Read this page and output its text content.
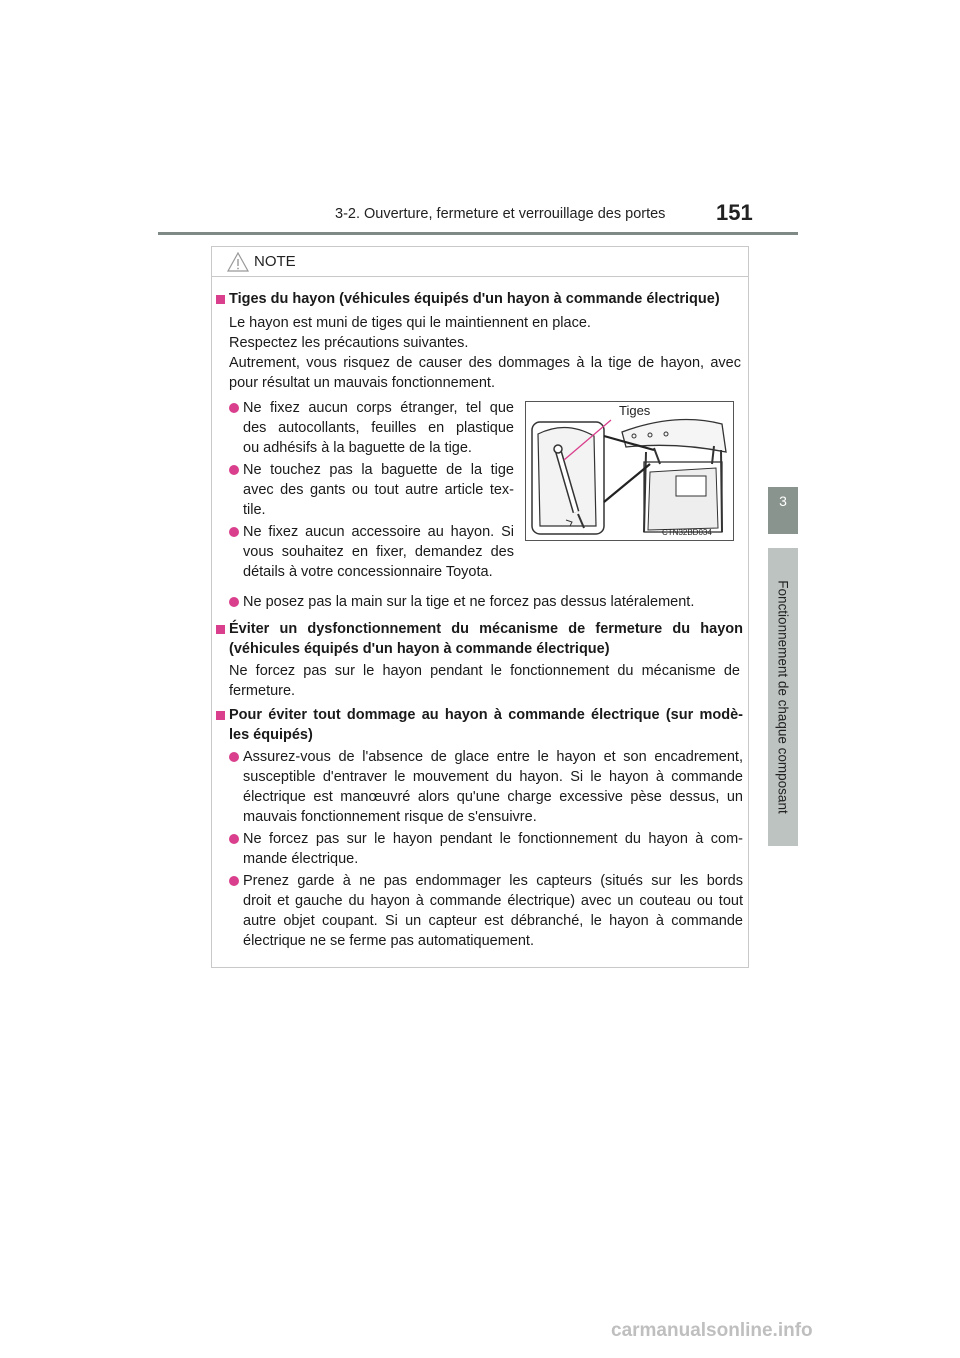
3-2. Ouverture, fermeture et verrouillage des portes 151
3
Fonctionnement de chaque composant
NOTE

Tiges du hayon (véhicules équipés d'un hayon à commande électrique)

Le hayon est muni de tiges qui le maintiennent en place.

Respectez les précautions suivantes.

Autrement, vous risquez de causer des dommages à la tige de hayon, avec

pour résultat un mauvais fonctionnement.

Ne fixez aucun corps étranger, tel que

des autocollants, feuilles en plastique

ou adhésifs à la baguette de la tige.

Ne touchez pas la baguette de la tige

avec des gants ou tout autre article tex-

tile.

Ne fixez aucun accessoire au hayon. Si

vous souhaitez en fixer, demandez des

détails à votre concessionnaire Toyota.

Tiges
CTN32BD034

Ne posez pas la main sur la tige et ne forcez pas dessus latéralement.

Éviter un dysfonctionnement du mécanisme de fermeture du hayon

(véhicules équipés d'un hayon à commande électrique)

Ne forcez pas sur le hayon pendant le fonctionnement du mécanisme de

fermeture.

Pour éviter tout dommage au hayon à commande électrique (sur modè-

les équipés)

Assurez-vous de l'absence de glace entre le hayon et son encadrement,

susceptible d'entraver le mouvement du hayon. Si le hayon à commande

électrique est manœuvré alors qu'une charge excessive pèse dessus, un

mauvais fonctionnement risque de s'ensuivre.

Ne forcez pas sur le hayon pendant le fonctionnement du hayon à com-

mande électrique.

Prenez garde à ne pas endommager les capteurs (situés sur les bords

droit et gauche du hayon à commande électrique) avec un couteau ou tout

autre objet coupant. Si un capteur est débranché, le hayon à commande

électrique ne se ferme pas automatiquement.

carmanualsonline.info
